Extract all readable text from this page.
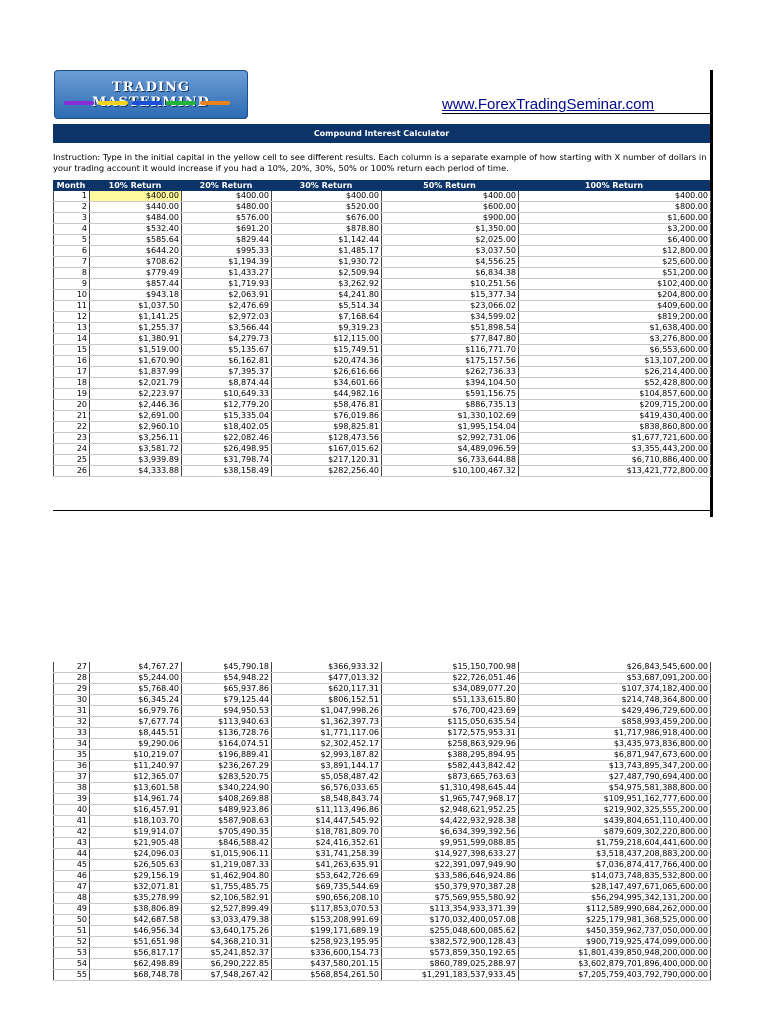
TRADING
www.ForexTradingSeminar.com
Compound Interest Calculator
Instruction: Type in the initial capital in the yellow cell to see different results. Each column is a separate example of how starting with X number of dollars in your trading account it would increase if you had a 10%, 20%, 30%, 50% or 100% return each period of time.
Month	10% Return	20% Return	30% Return	50% Return	100% Return
1	$400.00	$400.00	$400.00	$400.00	$400.00
2	$440.00	$480.00	$520.00	$600.00	$800.00
3	$484.00	$576.00	$676.00	$900.00	$1,600.00
4	$532.40	$691.20	$878.80	$1,350.00	$3,200.00
5	$585.64	$829.44	$1,142.44	$2,025.00	$6,400.00
6	$644.20	$995.33	$1,485.17	$3,037.50	$12,800.00
7	$708.62	$1,194.39	$1,930.72	$4,556.25	$25,600.00
8	$779.49	$1,433.27	$2,509.94	$6,834.38	$51,200.00
9	$857.44	$1,719.93	$3,262.92	$10,251.56	$102,400.00
10	$943.18	$2,063.91	$4,241.80	$15,377.34	$204,800.00
11	$1,037.50	$2,476.69	$5,514.34	$23,066.02	$409,600.00
12	$1,141.25	$2,972.03	$7,168.64	$34,599.02	$819,200.00
13	$1,255.37	$3,566.44	$9,319.23	$51,898.54	$1,638,400.00
14	$1,380.91	$4,279.73	$12,115.00	$77,847.80	$3,276,800.00
15	$1,519.00	$5,135.67	$15,749.51	$116,771.70	$6,553,600.00
16	$1,670.90	$6,162.81	$20,474.36	$175,157.56	$13,107,200.00
17	$1,837.99	$7,395.37	$26,616.66	$262,736.33	$26,214,400.00
18	$2,021.79	$8,874.44	$34,601.66	$394,104.50	$52,428,800.00
19	$2,223.97	$10,649.33	$44,982.16	$591,156.75	$104,857,600.00
20	$2,446.36	$12,779.20	$58,476.81	$886,735.13	$209,715,200.00
21	$2,691.00	$15,335.04	$76,019.86	$1,330,102.69	$419,430,400.00
22	$2,960.10	$18,402.05	$98,825.81	$1,995,154.04	$838,860,800.00
23	$3,256.11	$22,082.46	$128,473.56	$2,992,731.06	$1,677,721,600.00
24	$3,581.72	$26,498.95	$167,015.62	$4,489,096.59	$3,355,443,200.00
25	$3,939.89	$31,798.74	$217,120.31	$6,733,644.88	$6,710,886,400.00
26	$4,333.88	$38,158.49	$282,256.40	$10,100,467.32	$13,421,772,800.00
27	$4,767.27	$45,790.18	$366,933.32	$15,150,700.98	$26,843,545,600.00
28	$5,244.00	$54,948.22	$477,013.32	$22,726,051.46	$53,687,091,200.00
29	$5,768.40	$65,937.86	$620,117.31	$34,089,077.20	$107,374,182,400.00
30	$6,345.24	$79,125.44	$806,152.51	$51,133,615.80	$214,748,364,800.00
31	$6,979.76	$94,950.53	$1,047,998.26	$76,700,423.69	$429,496,729,600.00
32	$7,677.74	$113,940.63	$1,362,397.73	$115,050,635.54	$858,993,459,200.00
33	$8,445.51	$136,728.76	$1,771,117.06	$172,575,953.31	$1,717,986,918,400.00
34	$9,290.06	$164,074.51	$2,302,452.17	$258,863,929.96	$3,435,973,836,800.00
35	$10,219.07	$196,889.41	$2,993,187.82	$388,295,894.95	$6,871,947,673,600.00
36	$11,240.97	$236,267.29	$3,891,144.17	$582,443,842.42	$13,743,895,347,200.00
37	$12,365.07	$283,520.75	$5,058,487.42	$873,665,763.63	$27,487,790,694,400.00
38	$13,601.58	$340,224.90	$6,576,033.65	$1,310,498,645.44	$54,975,581,388,800.00
39	$14,961.74	$408,269.88	$8,548,843.74	$1,965,747,968.17	$109,951,162,777,600.00
40	$16,457.91	$489,923.86	$11,113,496.86	$2,948,621,952.25	$219,902,325,555,200.00
41	$18,103.70	$587,908.63	$14,447,545.92	$4,422,932,928.38	$439,804,651,110,400.00
42	$19,914.07	$705,490.35	$18,781,809.70	$6,634,399,392.56	$879,609,302,220,800.00
43	$21,905.48	$846,588.42	$24,416,352.61	$9,951,599,088.85	$1,759,218,604,441,600.00
44	$24,096.03	$1,015,906.11	$31,741,258.39	$14,927,398,633.27	$3,518,437,208,883,200.00
45	$26,505.63	$1,219,087.33	$41,263,635.91	$22,391,097,949.90	$7,036,874,417,766,400.00
46	$29,156.19	$1,462,904.80	$53,642,726.69	$33,586,646,924.86	$14,073,748,835,532,800.00
47	$32,071.81	$1,755,485.75	$69,735,544.69	$50,379,970,387.28	$28,147,497,671,065,600.00
48	$35,278.99	$2,106,582.91	$90,656,208.10	$75,569,955,580.92	$56,294,995,342,131,200.00
49	$38,806.89	$2,527,899.49	$117,853,070.53	$113,354,933,371.39	$112,589,990,684,262,000.00
50	$42,687.58	$3,033,479.38	$153,208,991.69	$170,032,400,057.08	$225,179,981,368,525,000.00
51	$46,956.34	$3,640,175.26	$199,171,689.19	$255,048,600,085.62	$450,359,962,737,050,000.00
52	$51,651.98	$4,368,210.31	$258,923,195.95	$382,572,900,128.43	$900,719,925,474,099,000.00
53	$56,817.17	$5,241,852.37	$336,600,154.73	$573,859,350,192.65	$1,801,439,850,948,200,000.00
54	$62,498.89	$6,290,222.85	$437,580,201.15	$860,789,025,288.97	$3,602,879,701,896,400,000.00
55	$68,748.78	$7,548,267.42	$568,854,261.50	$1,291,183,537,933.45	$7,205,759,403,792,790,000.00
